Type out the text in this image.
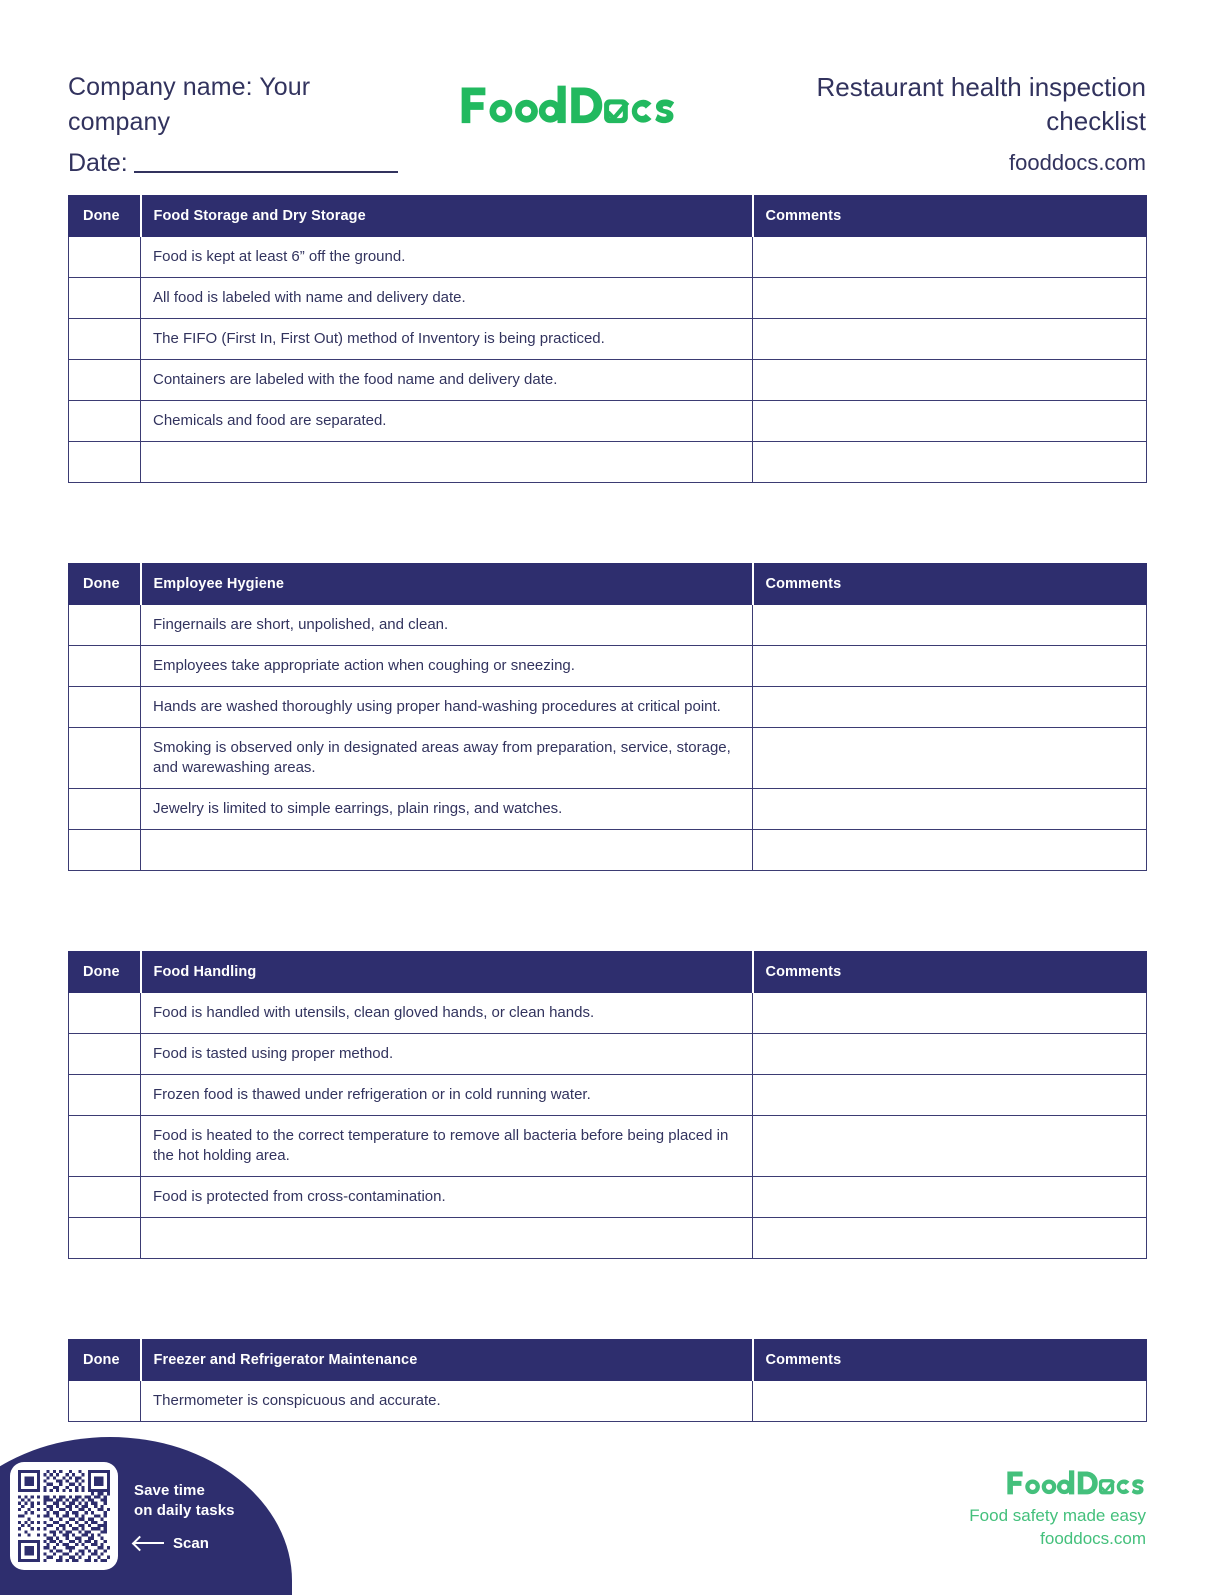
Company name: Your company
Date:
Restaurant health inspection checklist
fooddocs.com
Done	Food Storage and Dry Storage	Comments
	Food is kept at least 6” off the ground.	
	All food is labeled with name and delivery date.	
	The FIFO (First In, First Out) method of Inventory is being practiced.	
	Containers are labeled with the food name and delivery date.	
	Chemicals and food are separated.	

Done	Employee Hygiene	Comments
	Fingernails are short, unpolished, and clean.	
	Employees take appropriate action when coughing or sneezing.	
	Hands are washed thoroughly using proper hand-washing procedures at critical point.	
	Smoking is observed only in designated areas away from preparation, service, storage, and warewashing areas.	
	Jewelry is limited to simple earrings, plain rings, and watches.	

Done	Food Handling	Comments
	Food is handled with utensils, clean gloved hands, or clean hands.	
	Food is tasted using proper method.	
	Frozen food is thawed under refrigeration or in cold running water.	
	Food is heated to the correct temperature to remove all bacteria before being placed in the hot holding area.	
	Food is protected from cross-contamination.	

Done	Freezer and Refrigerator Maintenance	Comments
	Thermometer is conspicuous and accurate.	
Save time
on daily tasks
Scan
Food safety made easy
fooddocs.com
